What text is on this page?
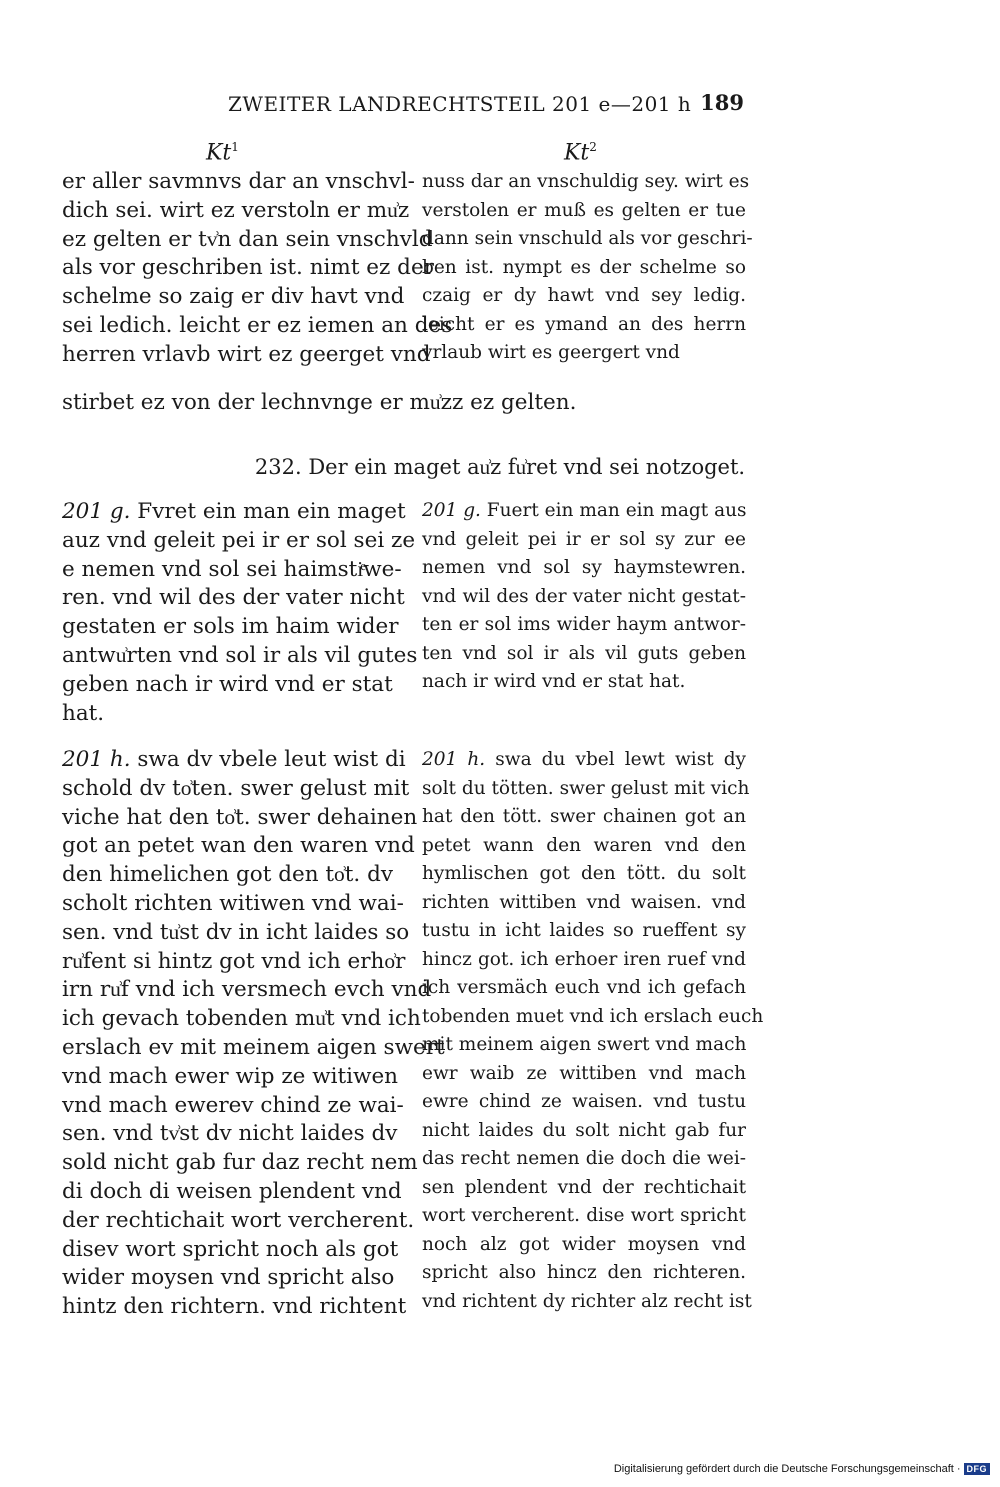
ZWEITER LANDRECHTSTEIL 201 e—201 h 189
Kt$^1$	Kt$^2$
er aller savmnvs dar an vnschvl-
dich sei. wirt ez verstoln er mu͗z
ez gelten er tv͗n dan sein vnschvld
als vor geschriben ist. nimt ez der
schelme so zaig er div havt vnd
sei ledich. leicht er ez iemen an des
herren vrlavb wirt ez geerget vnd
nuss dar an vnschuldig sey. wirt es
verstolen er muß es gelten er tue
dann sein vnschuld als vor geschri-
ben ist. nympt es der schelme so
czaig er dy hawt vnd sey ledig.
leicht er es ymand an des herrn
vrlaub wirt es geergert vnd
stirbet ez von der lechnvnge er mu͗zz ez gelten.
232. Der ein maget au͗z fu͗ret vnd sei notzoget.
201 g. Fvret ein man ein maget
auz vnd geleit pei ir er sol sei ze
e nemen vnd sol sei haimstiͤwe-
ren. vnd wil des der vater nicht
gestaten er sols im haim wider
antwu͗rten vnd sol ir als vil gutes
geben nach ir wird vnd er stat
hat.
201 g. Fuert ein man ein magt aus
vnd geleit pei ir er sol sy zur ee
nemen vnd sol sy haymstewren.
vnd wil des der vater nicht gestat-
ten er sol ims wider haym antwor-
ten vnd sol ir als vil guts geben
nach ir wird vnd er stat hat.
201 h. swa dv vbele leut wist di
schold dv to͗ten. swer gelust mit
viche hat den to͗t. swer dehainen
got an petet wan den waren vnd
den himelichen got den to͗t. dv
scholt richten witiwen vnd wai-
sen. vnd tu͗st dv in icht laides so
ru͗fent si hintz got vnd ich erho͗r
irn ru͗f vnd ich versmech evch vnd
ich gevach tobenden mu͗t vnd ich
erslach ev mit meinem aigen swert
vnd mach ewer wip ze witiwen
vnd mach ewerev chind ze wai-
sen. vnd tv͗st dv nicht laides dv
sold nicht gab fur daz recht nem
di doch di weisen plendent vnd
der rechtichait wort vercherent.
disev wort spricht noch als got
wider moysen vnd spricht also
hintz den richtern. vnd richtent
201 h. swa du vbel lewt wist dy
solt du tötten. swer gelust mit vich
hat den tött. swer chainen got an
petet wann den waren vnd den
hymlischen got den tött. du solt
richten wittiben vnd waisen. vnd
tustu in icht laides so rueffent sy
hincz got. ich erhoer iren ruef vnd
ich versmäch euch vnd ich gefach
tobenden muet vnd ich erslach euch
mit meinem aigen swert vnd mach
ewr waib ze wittiben vnd mach
ewre chind ze waisen. vnd tustu
nicht laides du solt nicht gab fur
das recht nemen die doch die wei-
sen plendent vnd der rechtichait
wort vercherent. dise wort spricht
noch alz got wider moysen vnd
spricht also hincz den richteren.
vnd richtent dy richter alz recht ist
Digitalisierung gefördert durch die Deutsche Forschungsgemeinschaft · DFG
